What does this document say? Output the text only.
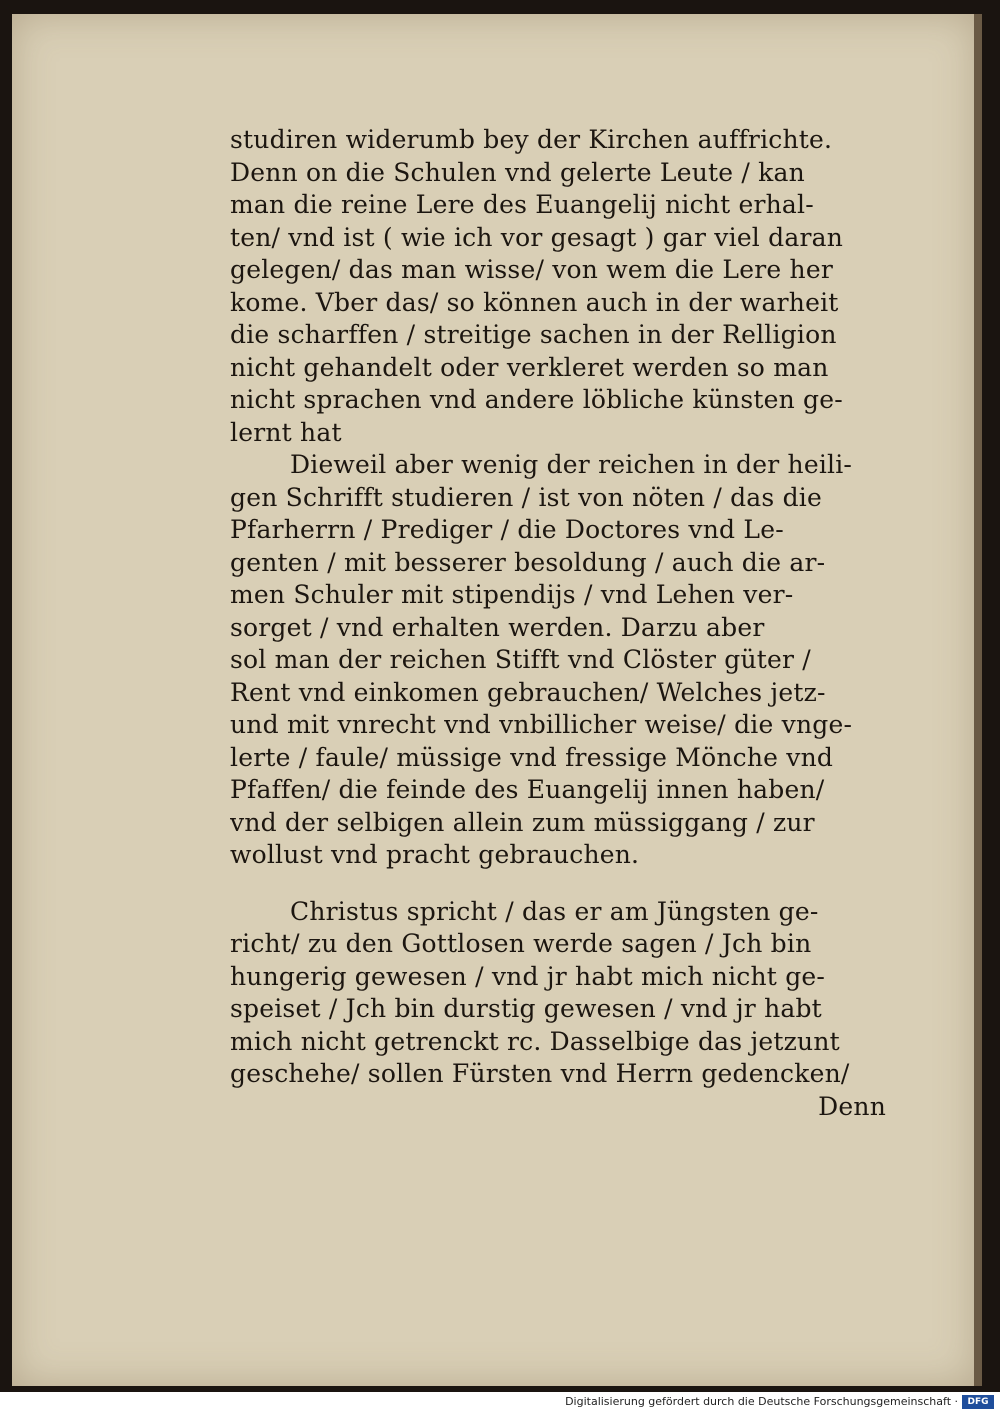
studiren widerumb bey der Kirchen auffrichte.
Denn on die Schulen vnd gelerte Leute / kan
man die reine Lere des Euangelij nicht erhal-
ten/ vnd ist ( wie ich vor gesagt ) gar viel daran
gelegen/ das man wisse/ von wem die Lere her
kome. Vber das/ so können auch in der warheit
die scharffen / streitige sachen in der Relligion
nicht gehandelt oder verkleret werden so man
nicht sprachen vnd andere löbliche künsten ge-
lernt hat
Dieweil aber wenig der reichen in der heili-
gen Schrifft studieren / ist von nöten / das die
Pfarherrn / Prediger / die Doctores vnd Le-
genten / mit besserer besoldung / auch die ar-
men Schuler mit stipendijs / vnd Lehen ver-
sorget / vnd erhalten werden. Darzu aber
sol man der reichen Stifft vnd Clöster güter /
Rent vnd einkomen gebrauchen/ Welches jetz-
und mit vnrecht vnd vnbillicher weise/ die vnge-
lerte / faule/ müssige vnd fressige Mönche vnd
Pfaffen/ die feinde des Euangelij innen haben/
vnd der selbigen allein zum müssiggang / zur
wollust vnd pracht gebrauchen.
Christus spricht / das er am Jüngsten ge-
richt/ zu den Gottlosen werde sagen / Jch bin
hungerig gewesen / vnd jr habt mich nicht ge-
speiset / Jch bin durstig gewesen / vnd jr habt
mich nicht getrenckt rc. Dasselbige das jetzunt
geschehe/ sollen Fürsten vnd Herrn gedencken/
Denn
Digitalisierung gefördert durch die Deutsche Forschungsgemeinschaft ·	DFG
